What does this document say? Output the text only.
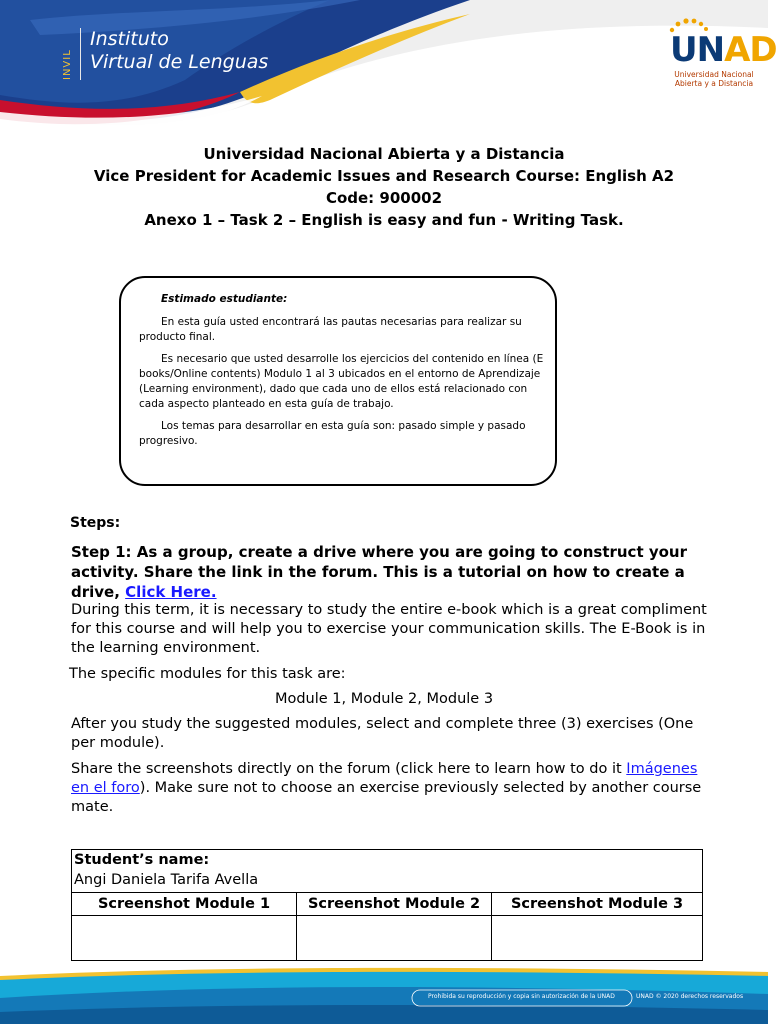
INVIL
Instituto
Virtual de Lenguas	UNAD
Universidad Nacional
Abierta y a Distancia
Universidad Nacional Abierta y a Distancia
Vice President for Academic Issues and Research Course: English A2
Code: 900002
Anexo 1 – Task 2 – English is easy and fun - Writing Task.
Estimado estudiante:

En esta guía usted encontrará las pautas necesarias para realizar su producto final.

Es necesario que usted desarrolle los ejercicios del contenido en línea (E books/Online contents) Modulo 1 al 3 ubicados en el entorno de Aprendizaje (Learning environment), dado que cada uno de ellos está relacionado con cada aspecto planteado en esta guía de trabajo.

Los temas para desarrollar en esta guía son: pasado simple y pasado progresivo.

Steps:
Step 1: As a group, create a drive where you are going to construct your activity. Share the link in the forum. This is a tutorial on how to create a drive, Click Here.
During this term, it is necessary to study the entire e-book which is a great compliment for this course and will help you to exercise your communication skills. The E-Book is in the learning environment.
The specific modules for this task are:
Module 1, Module 2, Module 3
After you study the suggested modules, select and complete three (3) exercises (One per module).
Share the screenshots directly on the forum (click here to learn how to do it Imágenes en el foro). Make sure not to choose an exercise previously selected by another course mate.
Student’s name:
Angi Daniela Tarifa Avella		

Screenshot Module 1	Screenshot Module 2	Screenshot Module 3

Prohibida su reproducción y copia sin autorización de la UNAD	UNAD © 2020 derechos reservados
